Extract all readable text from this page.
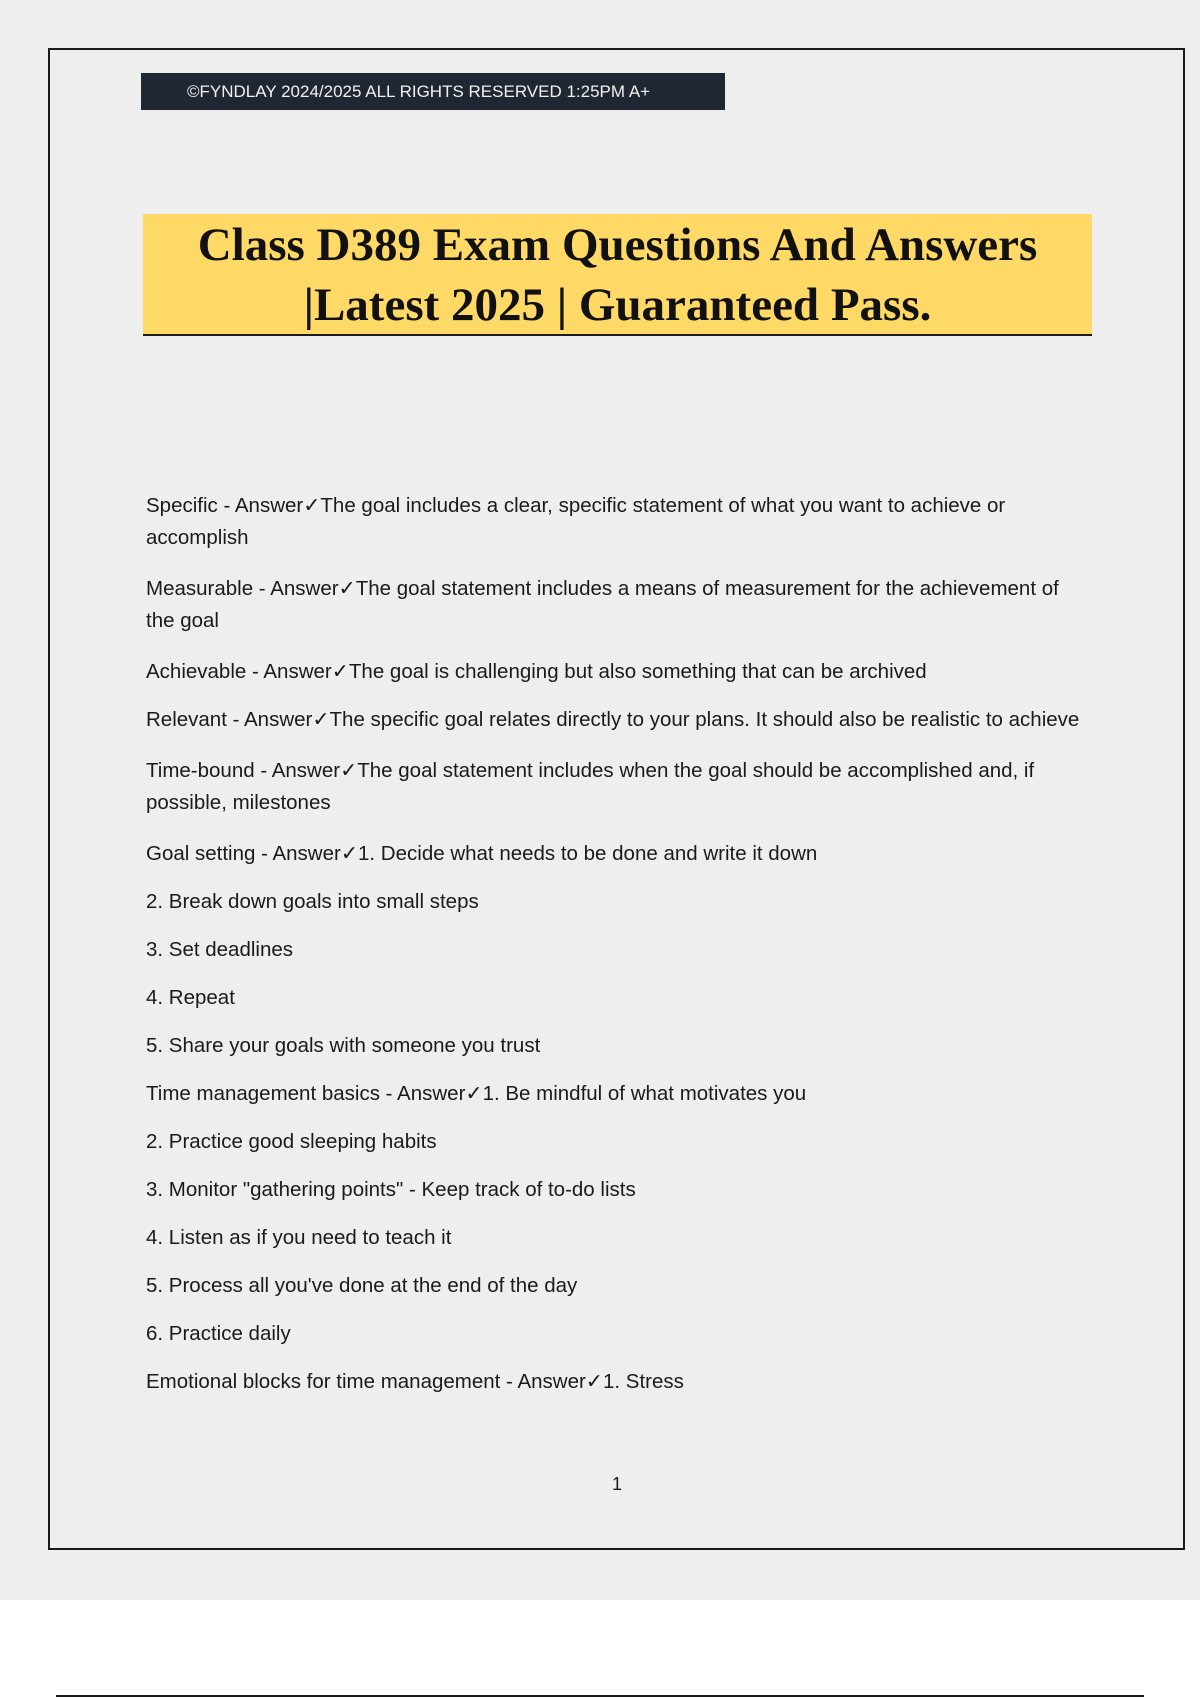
©FYNDLAY 2024/2025 ALL RIGHTS RESERVED 1:25PM A+
Class D389 Exam Questions And Answers
|Latest 2025 | Guaranteed Pass.

Specific - Answer✓The goal includes a clear, specific statement of what you want to achieve or accomplish

Measurable - Answer✓The goal statement includes a means of measurement for the achievement of the goal

Achievable - Answer✓The goal is challenging but also something that can be archived

Relevant - Answer✓The specific goal relates directly to your plans. It should also be realistic to achieve

Time-bound - Answer✓The goal statement includes when the goal should be accomplished and, if possible, milestones

Goal setting - Answer✓1. Decide what needs to be done and write it down

2. Break down goals into small steps

3. Set deadlines

4. Repeat

5. Share your goals with someone you trust

Time management basics - Answer✓1. Be mindful of what motivates you

2. Practice good sleeping habits

3. Monitor "gathering points" - Keep track of to-do lists

4. Listen as if you need to teach it

5. Process all you've done at the end of the day

6. Practice daily

Emotional blocks for time management - Answer✓1. Stress

1
